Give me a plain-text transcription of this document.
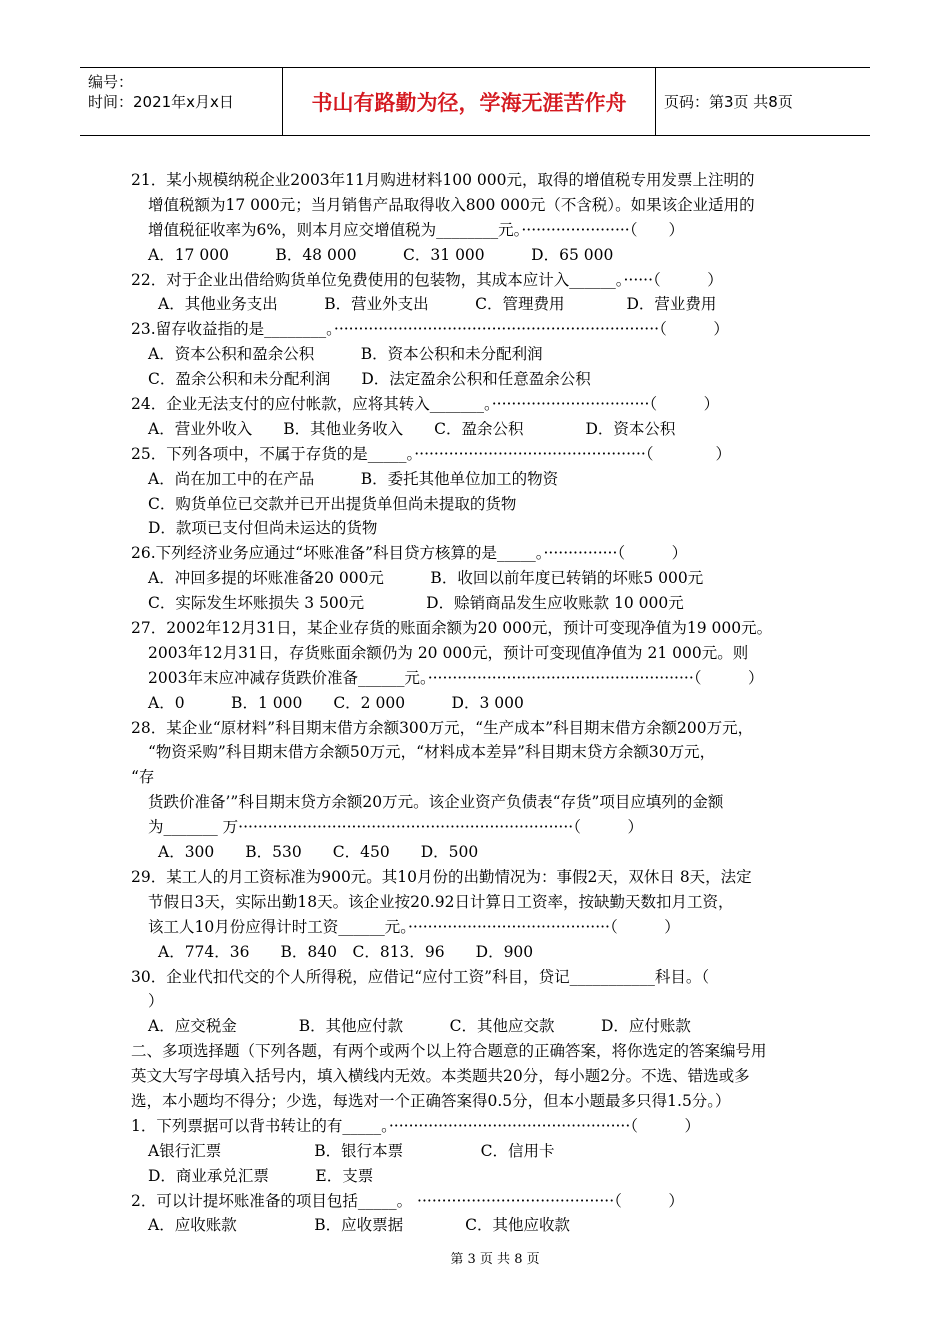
编号：
时间：2021年x月x日	书山有路勤为径，学海无涯苦作舟	页码：第3页 共8页
21．某小规模纳税企业2003年11月购进材料100 000元，取得的增值税专用发票上注明的
增值税额为17 000元；当月销售产品取得收入800 000元（不含税）。如果该企业适用的
增值税征收率为6%，则本月应交增值税为________元。······················（　　）
A．17 000　　　B．48 000　　　C．31 000　　　D．65 000
22．对于企业出借给购货单位免费使用的包装物，其成本应计入______。······（　　　）
A．其他业务支出　　　B．营业外支出　　　C．管理费用　　　　D．营业费用
23.留存收益指的是________。··································································（　　　）
A．资本公积和盈余公积　　　B．资本公积和未分配利润
C．盈余公积和未分配利润　　D．法定盈余公积和任意盈余公积
24．企业无法支付的应付帐款，应将其转入_______。································（　　　）
A．营业外收入　　B．其他业务收入　　C．盈余公积　　　　D．资本公积
25．下列各项中，不属于存货的是_____。···············································（　　　　）
A．尚在加工中的在产品　　　B．委托其他单位加工的物资
C．购货单位已交款并已开出提货单但尚未提取的货物
D．款项已支付但尚未运达的货物
26.下列经济业务应通过“坏账准备”科目贷方核算的是_____。···············（　　　）
A．冲回多提的坏账准备20 000元　　　B．收回以前年度已转销的坏账5 000元
C．实际发生坏账损失 3 500元　　　　D．赊销商品发生应收账款 10 000元
27．2002年12月31日，某企业存货的账面余额为20 000元，预计可变现净值为19 000元。
2003年12月31日，存货账面余额仍为 20 000元，预计可变现值净值为 21 000元。则
2003年末应冲减存货跌价准备______元。······················································（　　　）
A．0　　　B．1 000　　C．2 000　　　D．3 000
28．某企业“原材料”科目期末借方余额300万元，“生产成本”科目期末借方余额200万元，
“物资采购”科目期末借方余额50万元，“材料成本差异”科目期末贷方余额30万元，
“存
货跌价准备’”科目期末贷方余额20万元。该企业资产负债表“存货”项目应填列的金额
为_______ 万····································································（　　　）
A．300　　B．530　　C．450　　D．500
29．某工人的月工资标准为900元。其10月份的出勤情况为：事假2天，双休日 8天，法定
节假日3天，实际出勤18天。该企业按20.92日计算日工资率，按缺勤天数扣月工资，
该工人10月份应得计时工资______元。·········································（　　　）
A．774．36　　B．840　C．813．96　　D．900
30．企业代扣代交的个人所得税，应借记“应付工资”科目，贷记___________科目。（
）
A．应交税金　　　　B．其他应付款　　　C．其他应交款　　　D．应付账款
二、多项选择题（下列各题，有两个或两个以上符合题意的正确答案，将你选定的答案编号用
英文大写字母填入括号内，填入横线内无效。本类题共20分，每小题2分。不选、错选或多
选，本小题均不得分；少选，每选对一个正确答案得0.5分，但本小题最多只得1.5分。）
1．下列票据可以背书转让的有_____。·················································（　　　）
A银行汇票　　　　　　B．银行本票　　　　　C．信用卡
D．商业承兑汇票　　　E．支票
2．可以计提坏账准备的项目包括_____。 ········································（　　　）
A．应收账款　　　　　B．应收票据　　　　C．其他应收款
第 3 页 共 8 页
